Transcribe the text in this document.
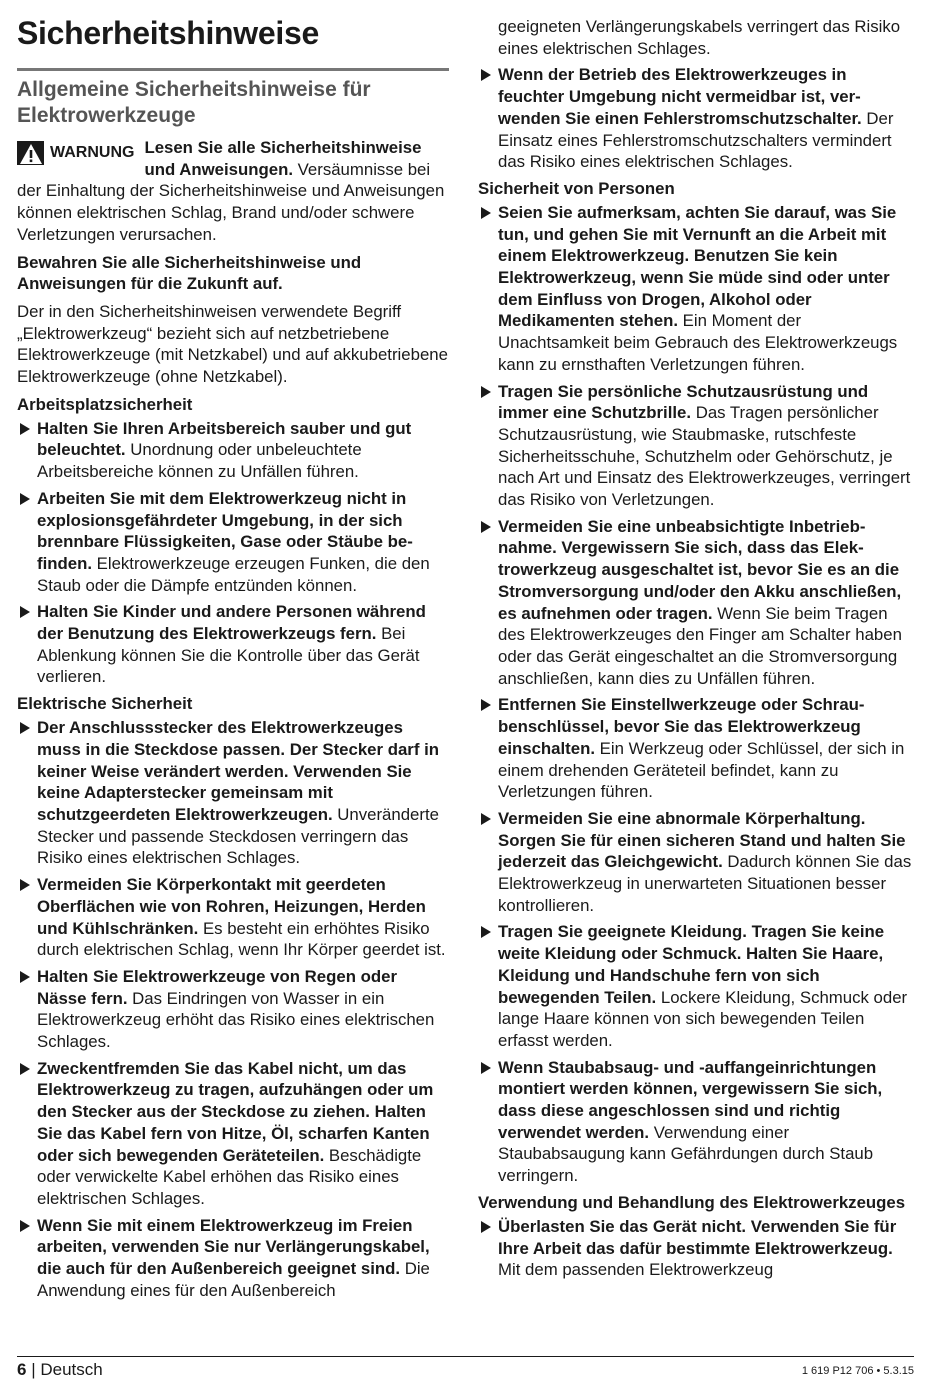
Sicherheitshinweise
Allgemeine Sicherheitshinweise für Elektrowerkzeuge

WARNUNG Lesen Sie alle Sicherheitshinweise und Anweisungen. Versäumnisse bei der Einhaltung der Sicherheitshinweise und Anweisungen können elektrischen Schlag, Brand und/oder schwere Verletzungen verursachen.

Bewahren Sie alle Sicherheitshinweise und Anweisungen für die Zukunft auf.

Der in den Sicherheitshinweisen verwendete Begriff „Elektrowerkzeug“ bezieht sich auf netzbetriebene Elektrowerkzeuge (mit Netzkabel) und auf akkubetriebene Elektrowerkzeuge (ohne Netzkabel).

Arbeitsplatzsicherheit
Halten Sie Ihren Arbeitsbereich sauber und gut beleuchtet. Unordnung oder unbeleuchtete Arbeitsbereiche können zu Unfällen führen.
Arbeiten Sie mit dem Elektrowerkzeug nicht in explosionsgefährdeter Umgebung, in der sich brennbare Flüssigkeiten, Gase oder Stäube befinden. Elektrowerkzeuge erzeugen Funken, die den Staub oder die Dämpfe entzünden können.
Halten Sie Kinder und andere Personen während der Benutzung des Elektrowerkzeugs fern. Bei Ablenkung können Sie die Kontrolle über das Gerät verlieren.
Elektrische Sicherheit
Der Anschlussstecker des Elektrowerkzeuges muss in die Steckdose passen. Der Stecker darf in keiner Weise verändert werden. Verwenden Sie keine Adapterstecker gemeinsam mit schutzgeerdeten Elektrowerkzeugen. Unveränderte Stecker und passende Steckdosen verringern das Risiko eines elektrischen Schlages.
Vermeiden Sie Körperkontakt mit geerdeten Oberflächen wie von Rohren, Heizungen, Herden und Kühlschränken. Es besteht ein erhöhtes Risiko durch elektrischen Schlag, wenn Ihr Körper geerdet ist.
Halten Sie Elektrowerkzeuge von Regen oder Nässe fern. Das Eindringen von Wasser in ein Elektrowerkzeug erhöht das Risiko eines elektrischen Schlages.
Zweckentfremden Sie das Kabel nicht, um das Elektrowerkzeug zu tragen, aufzuhängen oder um den Stecker aus der Steckdose zu ziehen. Halten Sie das Kabel fern von Hitze, Öl, scharfen Kanten oder sich bewegenden Geräteteilen. Beschädigte oder verwickelte Kabel erhöhen das Risiko eines elektrischen Schlages.
Wenn Sie mit einem Elektrowerkzeug im Freien arbeiten, verwenden Sie nur Verlängerungskabel, die auch für den Außenbereich geeignet sind. Die Anwendung eines für den Außenbereich

geeigneten Verlängerungskabels verringert das Risiko eines elektrischen Schlages.

Wenn der Betrieb des Elektrowerkzeuges in feuchter Umgebung nicht vermeidbar ist, verwenden Sie einen Fehlerstromschutzschalter. Der Einsatz eines Fehlerstromschutzschalters vermindert das Risiko eines elektrischen Schlages.
Sicherheit von Personen
Seien Sie aufmerksam, achten Sie darauf, was Sie tun, und gehen Sie mit Vernunft an die Arbeit mit einem Elektrowerkzeug. Benutzen Sie kein Elektrowerkzeug, wenn Sie müde sind oder unter dem Einfluss von Drogen, Alkohol oder Medikamenten stehen. Ein Moment der Unachtsamkeit beim Gebrauch des Elektrowerkzeugs kann zu ernsthaften Verletzungen führen.
Tragen Sie persönliche Schutzausrüstung und immer eine Schutzbrille. Das Tragen persönlicher Schutzausrüstung, wie Staubmaske, rutschfeste Sicherheitsschuhe, Schutzhelm oder Gehörschutz, je nach Art und Einsatz des Elektrowerkzeuges, verringert das Risiko von Verletzungen.
Vermeiden Sie eine unbeabsichtigte Inbetriebnahme. Vergewissern Sie sich, dass das Elektrowerkzeug ausgeschaltet ist, bevor Sie es an die Stromversorgung und/oder den Akku anschließen, es aufnehmen oder tragen. Wenn Sie beim Tragen des Elektrowerkzeuges den Finger am Schalter haben oder das Gerät eingeschaltet an die Stromversorgung anschließen, kann dies zu Unfällen führen.
Entfernen Sie Einstellwerkzeuge oder Schraubenschlüssel, bevor Sie das Elektrowerkzeug einschalten. Ein Werkzeug oder Schlüssel, der sich in einem drehenden Geräteteil befindet, kann zu Verletzungen führen.
Vermeiden Sie eine abnormale Körperhaltung. Sorgen Sie für einen sicheren Stand und halten Sie jederzeit das Gleichgewicht. Dadurch können Sie das Elektrowerkzeug in unerwarteten Situationen besser kontrollieren.
Tragen Sie geeignete Kleidung. Tragen Sie keine weite Kleidung oder Schmuck. Halten Sie Haare, Kleidung und Handschuhe fern von sich bewegenden Teilen. Lockere Kleidung, Schmuck oder lange Haare können von sich bewegenden Teilen erfasst werden.
Wenn Staubabsaug- und -auffangeinrichtungen montiert werden können, vergewissern Sie sich, dass diese angeschlossen sind und richtig verwendet werden. Verwendung einer Staubabsaugung kann Gefährdungen durch Staub verringern.
Verwendung und Behandlung des Elektrowerkzeuges
Überlasten Sie das Gerät nicht. Verwenden Sie für Ihre Arbeit das dafür bestimmte Elektrowerkzeug. Mit dem passenden Elektrowerkzeug
6 | Deutsch	1 619 P12 706 • 5.3.15
